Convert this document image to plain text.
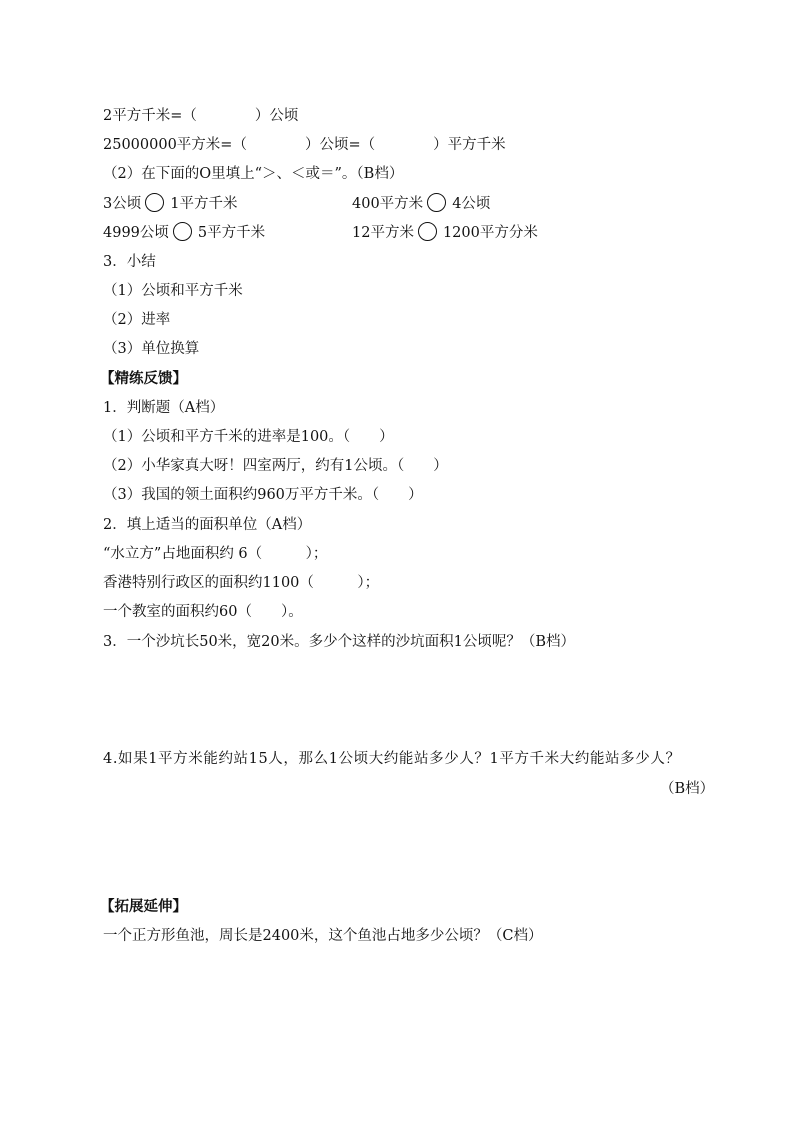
2平方千米=（　　　　）公顷
25000000平方米=（　　　　）公顷=（　　　　）平方千米
（2）在下面的O里填上“＞、＜或＝”。（B档）
3公顷 1平方千米	400平方米 4公顷
4999公顷 5平方千米	12平方米 1200平方分米
3．小结
（1）公顷和平方千米
（2）进率
（3）单位换算
【精练反馈】
1．判断题（A档）
（1）公顷和平方千米的进率是100。（　　）
（2）小华家真大呀！四室两厅，约有1公顷。（　　）
（3）我国的领土面积约960万平方千米。（　　）
2．填上适当的面积单位（A档）
“水立方”占地面积约 6（　　　）；
香港特别行政区的面积约1100（　　　）；
一个教室的面积约60（　　）。
3．一个沙坑长50米，宽20米。多少个这样的沙坑面积1公顷呢？（B档）
4.如果1平方米能约站15人，那么1公顷大约能站多少人？1平方千米大约能站多少人？
（B档）
【拓展延伸】
一个正方形鱼池，周长是2400米，这个鱼池占地多少公顷？（C档）
